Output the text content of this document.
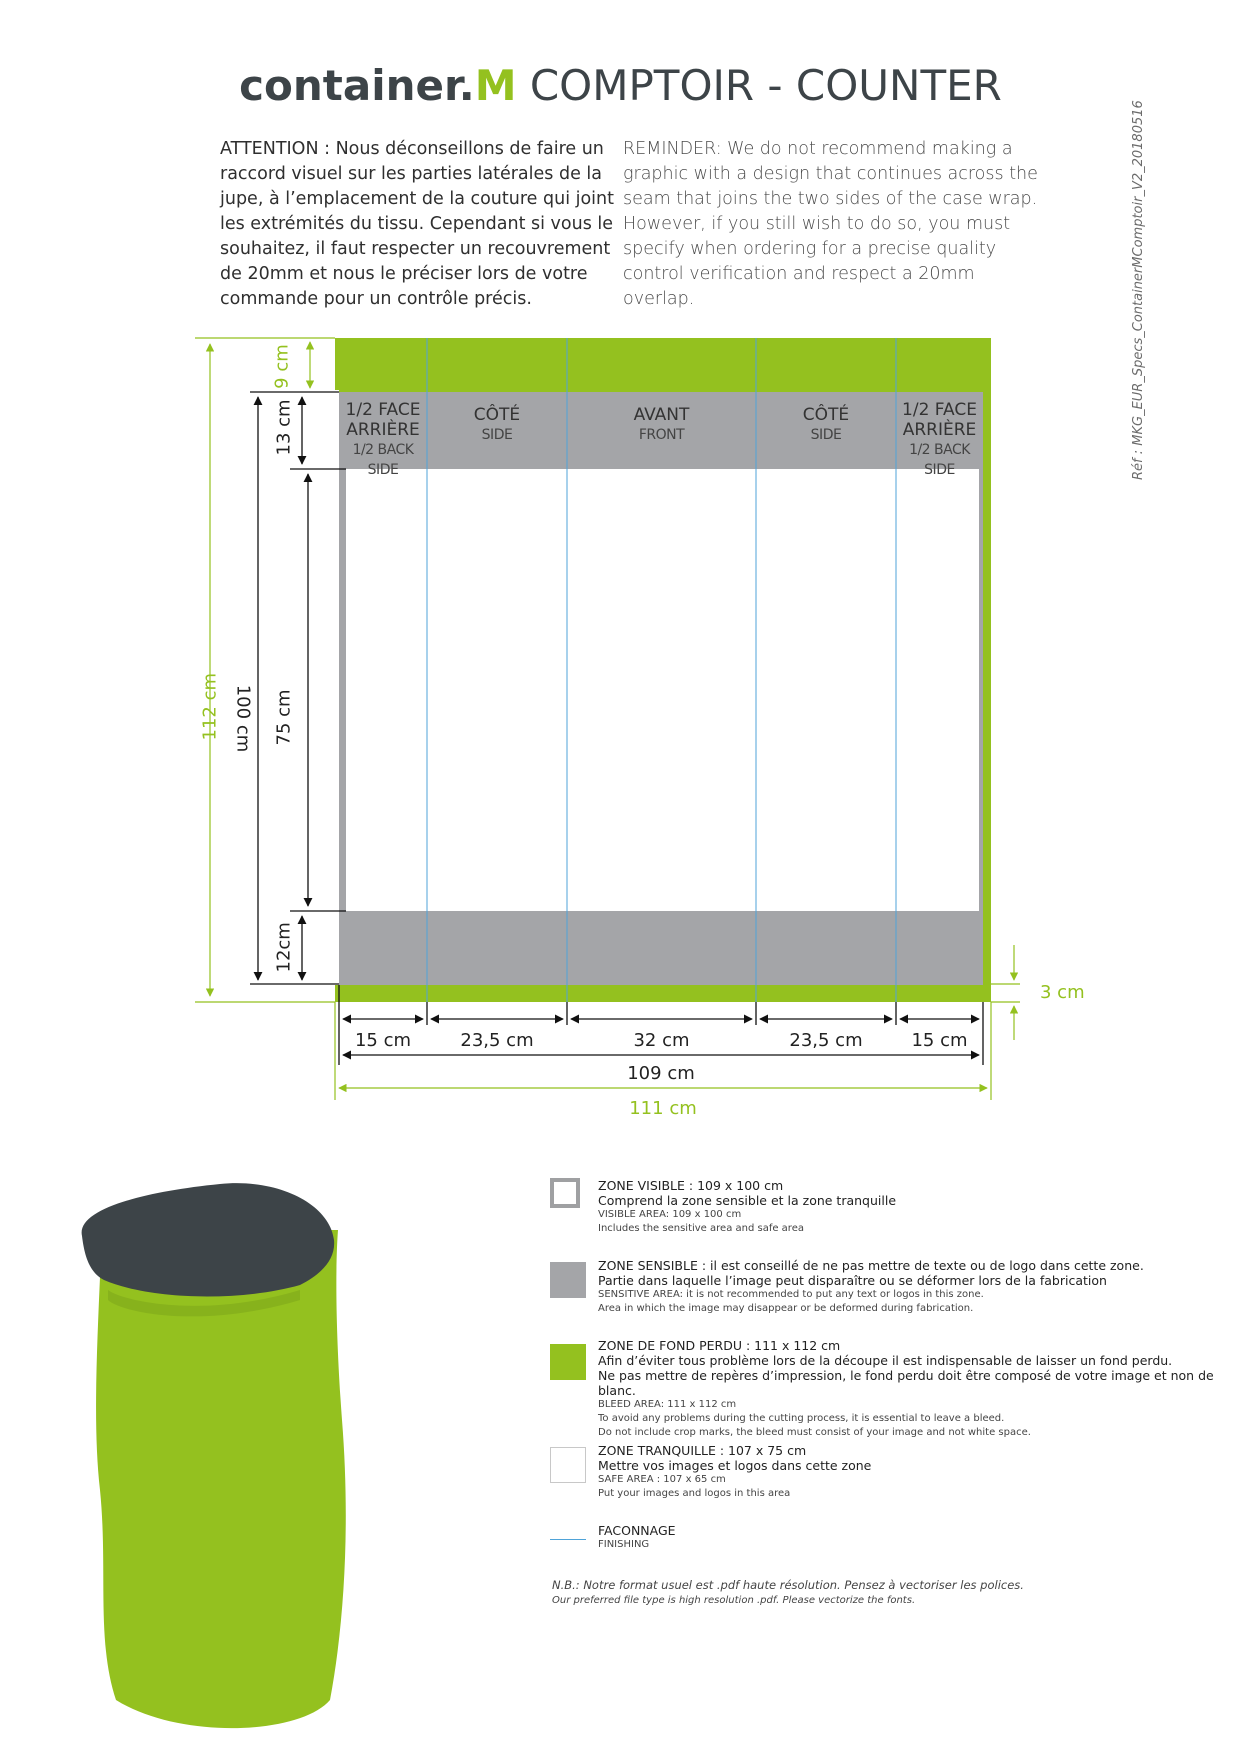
container.M COMPTOIR - COUNTER
ATTENTION : Nous déconseillons de faire un raccord visuel sur les parties latérales de la jupe, à l’emplacement de la couture qui joint les extrémités du tissu. Cependant si vous le souhaitez, il faut respecter un recouvrement de 20mm et nous le préciser lors de votre commande pour un contrôle précis.
REMINDER: We do not recommend making a graphic with a design that continues across the seam that joins the two sides of the case wrap. However, if you still wish to do so, you must specify when ordering for a precise quality control verification and respect a 20mm overlap.	Réf : MKG_EUR_Specs_ContainerMComptoir_V2_20180516
1/2 FACE
ARRIÈRE
1/2 BACK SIDE
CÔTÉ
SIDE
AVANT
FRONT
CÔTÉ
SIDE
1/2 FACE
ARRIÈRE
1/2 BACK SIDE
112 cm 100 cm
9 cm
13 cm
75 cm
12cm
3 cm
15 cm	23,5 cm	32 cm	23,5 cm	15 cm
109 cm
111 cm
ZONE VISIBLE : 109 x 100 cm
Comprend la zone sensible et la zone tranquille
VISIBLE AREA: 109 x 100 cm
Includes the sensitive area and safe area
ZONE SENSIBLE : il est conseillé de ne pas mettre de texte ou de logo dans cette zone.
Partie dans laquelle l’image peut disparaître ou se déformer lors de la fabrication
SENSITIVE AREA: it is not recommended to put any text or logos in this zone.
Area in which the image may disappear or be deformed during fabrication.
ZONE DE FOND PERDU : 111 x 112 cm
Afin d’éviter tous problème lors de la découpe il est indispensable de laisser un fond perdu.
Ne pas mettre de repères d’impression, le fond perdu doit être composé de votre image et non de blanc.
BLEED AREA: 111 x 112 cm
To avoid any problems during the cutting process, it is essential to leave a bleed.
Do not include crop marks, the bleed must consist of your image and not white space.
ZONE TRANQUILLE : 107 x 75 cm
Mettre vos images et logos dans cette zone
SAFE AREA : 107 x 65 cm
Put your images and logos in this area
FACONNAGE
FINISHING
N.B.: Notre format usuel est .pdf haute résolution. Pensez à vectoriser les polices.
Our preferred file type is high resolution .pdf. Please vectorize the fonts.
